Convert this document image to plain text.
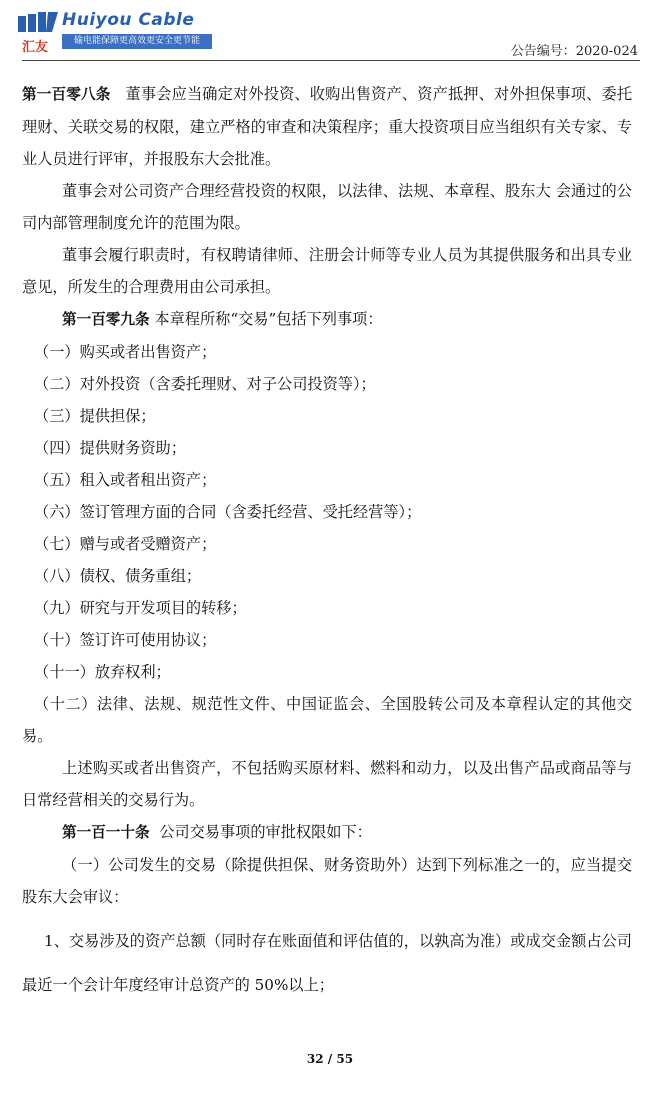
Huiyou Cable
汇友	输电能保障更高效更安全更节能
公告编号：2020-024

第一百零八条 董事会应当确定对外投资、收购出售资产、资产抵押、对外担保事项、委托理财、关联交易的权限，建立严格的审查和决策程序；重大投资项目应当组织有关专家、专业人员进行评审，并报股东大会批准。

董事会对公司资产合理经营投资的权限，以法律、法规、本章程、股东大 会通过的公司内部管理制度允许的范围为限。

董事会履行职责时，有权聘请律师、注册会计师等专业人员为其提供服务和出具专业意见，所发生的合理费用由公司承担。

第一百零九条 本章程所称“交易”包括下列事项：

（一）购买或者出售资产；

（二）对外投资（含委托理财、对子公司投资等）；

（三）提供担保；

（四）提供财务资助；

（五）租入或者租出资产；

（六）签订管理方面的合同（含委托经营、受托经营等）；

（七）赠与或者受赠资产；

（八）债权、债务重组；

（九）研究与开发项目的转移；

（十）签订许可使用协议；

（十一）放弃权利；

（十二）法律、法规、规范性文件、中国证监会、全国股转公司及本章程认定的其他交易。

上述购买或者出售资产，不包括购买原材料、燃料和动力，以及出售产品或商品等与日常经营相关的交易行为。

第一百一十条 公司交易事项的审批权限如下：

（一）公司发生的交易（除提供担保、财务资助外）达到下列标准之一的，应当提交股东大会审议：

1、交易涉及的资产总额（同时存在账面值和评估值的，以孰高为准）或成交金额占公司最近一个会计年度经审计总资产的 50%以上；

32 / 55
